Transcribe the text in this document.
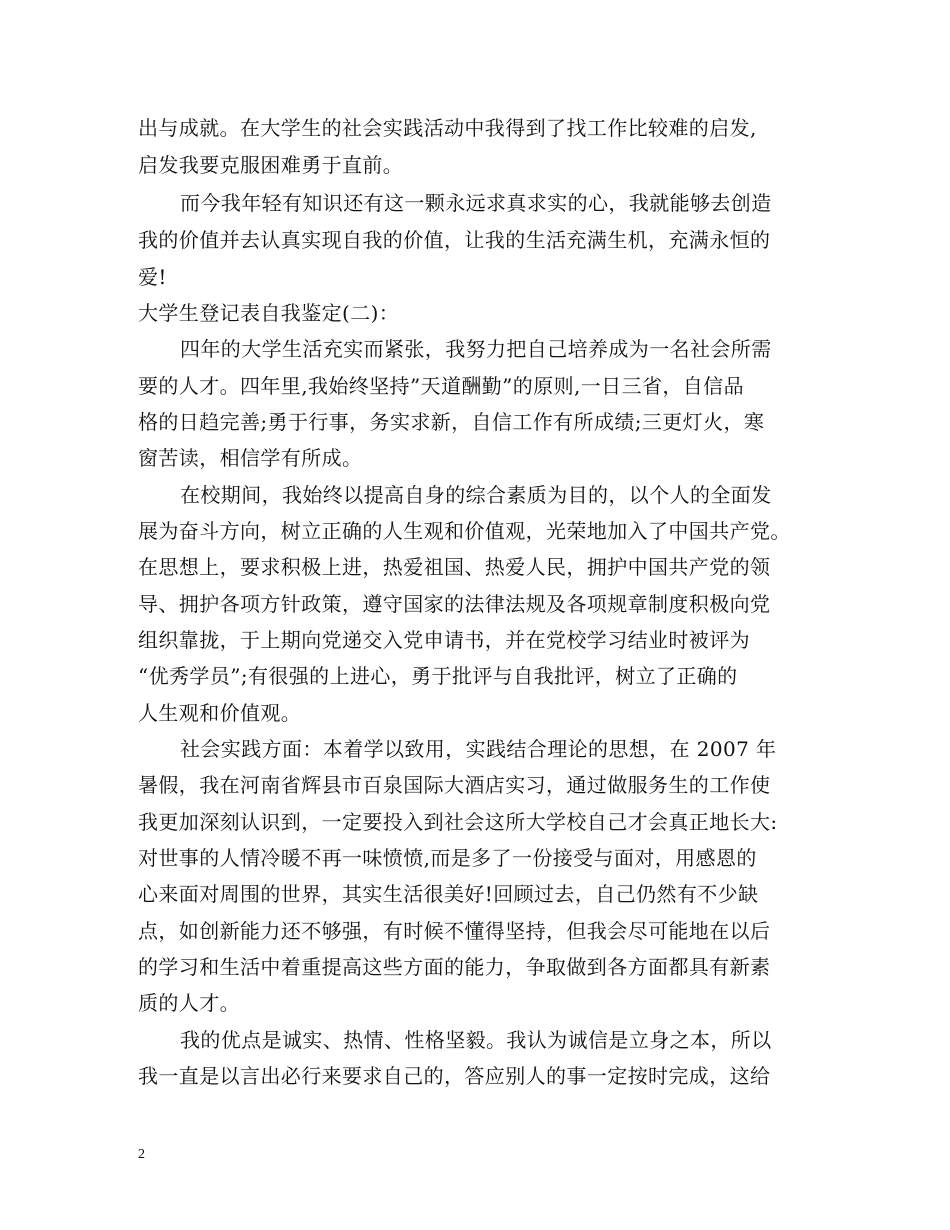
出与成就。在大学生的社会实践活动中我得到了找工作比较难的启发,
启发我要克服困难勇于直前。
而今我年轻有知识还有这一颗永远求真求实的心，我就能够去创造
我的价值并去认真实现自我的价值，让我的生活充满生机，充满永恒的
爱!
大学生登记表自我鉴定(二)：
四年的大学生活充实而紧张，我努力把自己培养成为一名社会所需
要的人才。四年里,我始终坚持”天道酬勤”的原则,一日三省，自信品
格的日趋完善;勇于行事，务实求新，自信工作有所成绩;三更灯火，寒
窗苦读，相信学有所成。
在校期间，我始终以提高自身的综合素质为目的，以个人的全面发
展为奋斗方向，树立正确的人生观和价值观，光荣地加入了中国共产党。
在思想上，要求积极上进，热爱祖国、热爱人民，拥护中国共产党的领
导、拥护各项方针政策，遵守国家的法律法规及各项规章制度积极向党
组织靠拢，于上期向党递交入党申请书，并在党校学习结业时被评为
“优秀学员”;有很强的上进心，勇于批评与自我批评，树立了正确的
人生观和价值观。
社会实践方面：本着学以致用，实践结合理论的思想，在 2007 年
暑假，我在河南省辉县市百泉国际大酒店实习，通过做服务生的工作使
我更加深刻认识到，一定要投入到社会这所大学校自己才会真正地长大:
对世事的人情冷暖不再一味愤愤,而是多了一份接受与面对，用感恩的
心来面对周围的世界，其实生活很美好!回顾过去，自己仍然有不少缺
点，如创新能力还不够强，有时候不懂得坚持，但我会尽可能地在以后
的学习和生活中着重提高这些方面的能力，争取做到各方面都具有新素
质的人才。
我的优点是诚实、热情、性格坚毅。我认为诚信是立身之本，所以
我一直是以言出必行来要求自己的，答应别人的事一定按时完成，这给
2
